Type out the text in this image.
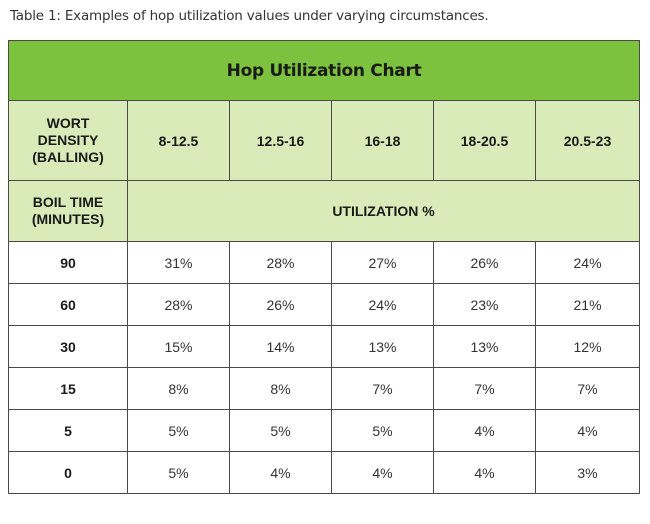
Table 1: Examples of hop utilization values under varying circumstances.
Hop Utilization Chart					

WORT
DENSITY
(BALLING)	8-12.5	12.5-16	16-18	18-20.5	20.5-23

BOIL TIME
(MINUTES)	UTILIZATION %				
90	31%	28%	27%	26%	24%
60	28%	26%	24%	23%	21%
30	15%	14%	13%	13%	12%
15	8%	8%	7%	7%	7%
5	5%	5%	5%	4%	4%
0	5%	4%	4%	4%	3%
